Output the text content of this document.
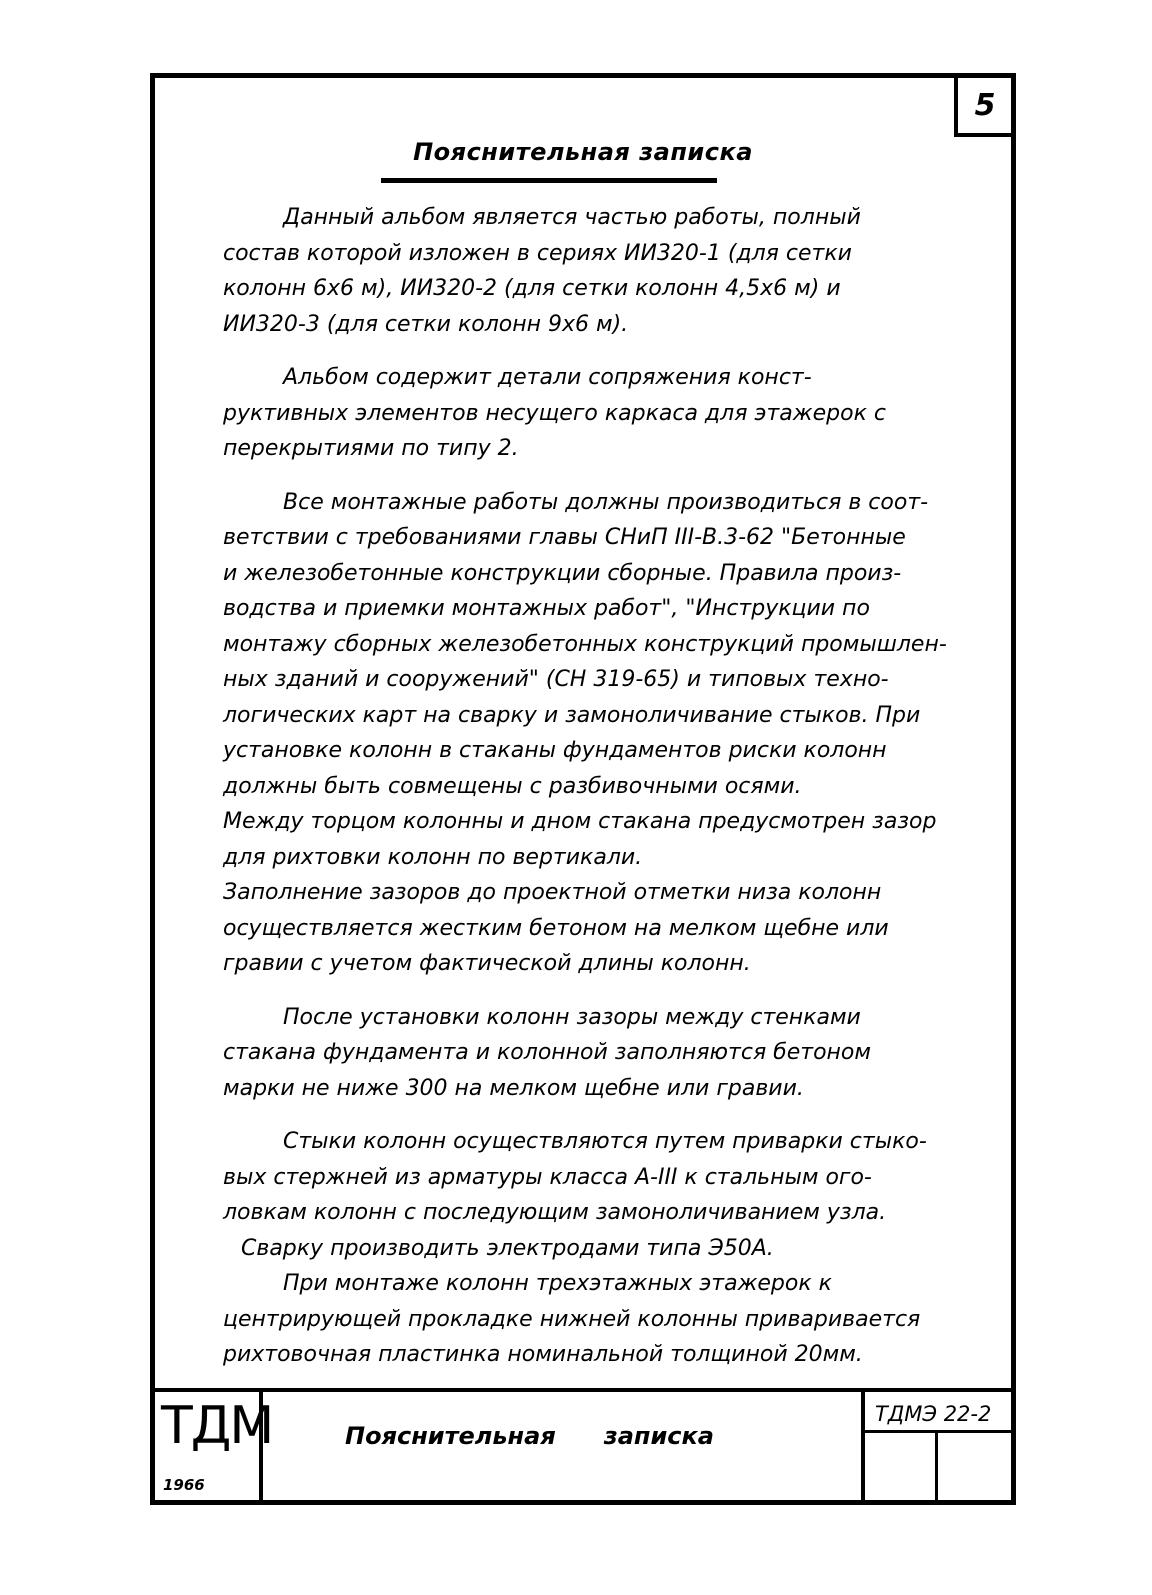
5
Пояснительная записка
Данный альбом является частью работы, полный
состав которой изложен в сериях ИИ320-1 (для сетки
колонн 6х6 м), ИИ320-2 (для сетки колонн 4,5х6 м) и
ИИ320-3 (для сетки колонн 9х6 м).
Альбом содержит детали сопряжения конст-
руктивных элементов несущего каркаса для этажерок с
перекрытиями по типу 2.
Все монтажные работы должны производиться в соот-
ветствии с требованиями главы СНиП III-В.3-62 "Бетонные
и железобетонные конструкции сборные. Правила произ-
водства и приемки монтажных работ", "Инструкции по
монтажу сборных железобетонных конструкций промышлен-
ных зданий и сооружений" (СН 319-65) и типовых техно-
логических карт на сварку и замоноличивание стыков. При
установке колонн в стаканы фундаментов риски колонн
должны быть совмещены с разбивочными осями.
Между торцом колонны и дном стакана предусмотрен зазор
для рихтовки колонн по вертикали.
Заполнение зазоров до проектной отметки низа колонн
осуществляется жестким бетоном на мелком щебне или
гравии с учетом фактической длины колонн.
После установки колонн зазоры между стенками
стакана фундамента и колонной заполняются бетоном
марки не ниже 300 на мелком щебне или гравии.
Стыки колонн осуществляются путем приварки стыко-
вых стержней из арматуры класса А-III к стальным ого-
ловкам колонн с последующим замоноличиванием узла.
Сварку производить электродами типа Э50А.
При монтаже колонн трехэтажных этажерок к
центрирующей прокладке нижней колонны приваривается
рихтовочная пластинка номинальной толщиной 20мм.
ТДМ
1966
Пояснительная записка
ТДМЭ 22-2
